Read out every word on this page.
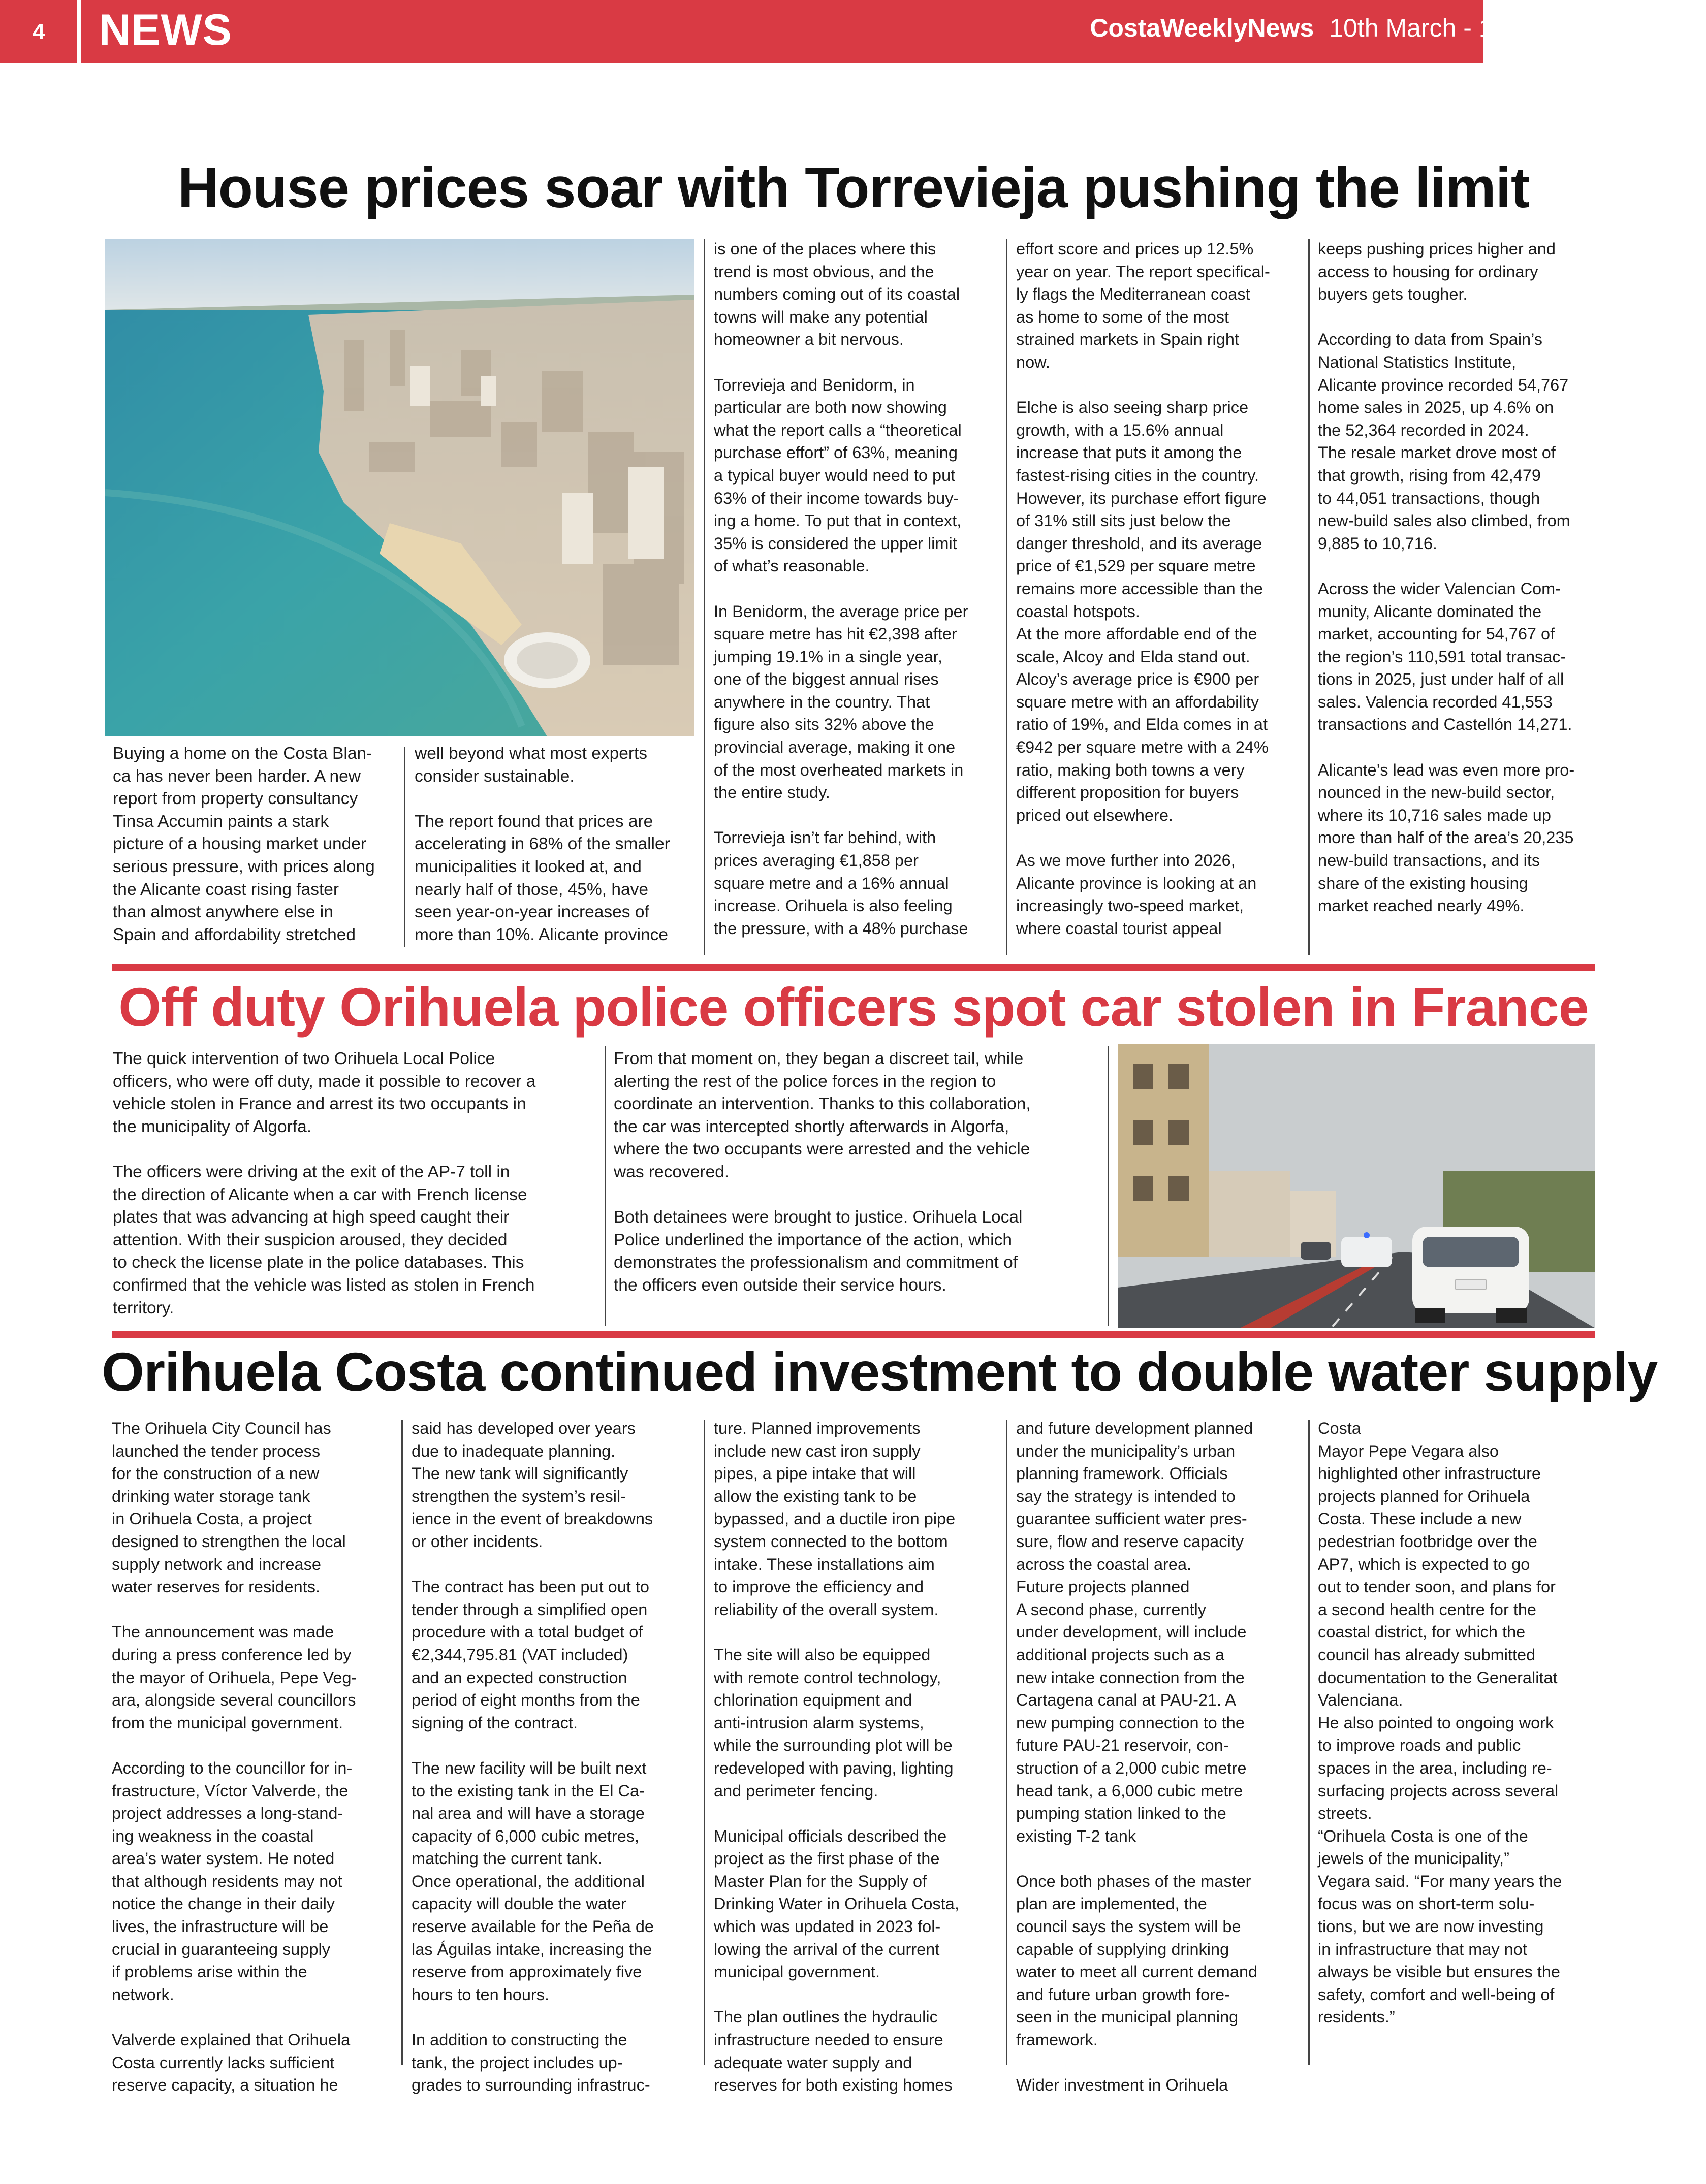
4	NEWS	CostaWeeklyNews 10th March - 16th March 2026
House prices soar with Torrevieja pushing the limit
Buying a home on the Costa Blan-
ca has never been harder. A new
report from property consultancy
Tinsa Accumin paints a stark
picture of a housing market under
serious pressure, with prices along
the Alicante coast rising faster
than almost anywhere else in
Spain and affordability stretched
well beyond what most experts
consider sustainable.

The report found that prices are
accelerating in 68% of the smaller
municipalities it looked at, and
nearly half of those, 45%, have
seen year-on-year increases of
more than 10%. Alicante province
is one of the places where this
trend is most obvious, and the
numbers coming out of its coastal
towns will make any potential
homeowner a bit nervous.

Torrevieja and Benidorm, in
particular are both now showing
what the report calls a “theoretical
purchase effort” of 63%, meaning
a typical buyer would need to put
63% of their income towards buy-
ing a home. To put that in context,
35% is considered the upper limit
of what’s reasonable.

In Benidorm, the average price per
square metre has hit €2,398 after
jumping 19.1% in a single year,
one of the biggest annual rises
anywhere in the country. That
figure also sits 32% above the
provincial average, making it one
of the most overheated markets in
the entire study.

Torrevieja isn’t far behind, with
prices averaging €1,858 per
square metre and a 16% annual
increase. Orihuela is also feeling
the pressure, with a 48% purchase
effort score and prices up 12.5%
year on year. The report specifical-
ly flags the Mediterranean coast
as home to some of the most
strained markets in Spain right
now.

Elche is also seeing sharp price
growth, with a 15.6% annual
increase that puts it among the
fastest-rising cities in the country.
However, its purchase effort figure
of 31% still sits just below the
danger threshold, and its average
price of €1,529 per square metre
remains more accessible than the
coastal hotspots.
At the more affordable end of the
scale, Alcoy and Elda stand out.
Alcoy’s average price is €900 per
square metre with an affordability
ratio of 19%, and Elda comes in at
€942 per square metre with a 24%
ratio, making both towns a very
different proposition for buyers
priced out elsewhere.

As we move further into 2026,
Alicante province is looking at an
increasingly two-speed market,
where coastal tourist appeal
keeps pushing prices higher and
access to housing for ordinary
buyers gets tougher.

According to data from Spain’s
National Statistics Institute,
Alicante province recorded 54,767
home sales in 2025, up 4.6% on
the 52,364 recorded in 2024.
The resale market drove most of
that growth, rising from 42,479
to 44,051 transactions, though
new-build sales also climbed, from
9,885 to 10,716.

Across the wider Valencian Com-
munity, Alicante dominated the
market, accounting for 54,767 of
the region’s 110,591 total transac-
tions in 2025, just under half of all
sales. Valencia recorded 41,553
transactions and Castellón 14,271.

Alicante’s lead was even more pro-
nounced in the new-build sector,
where its 10,716 sales made up
more than half of the area’s 20,235
new-build transactions, and its
share of the existing housing
market reached nearly 49%.
Off duty Orihuela police officers spot car stolen in France
The quick intervention of two Orihuela Local Police
officers, who were off duty, made it possible to recover a
vehicle stolen in France and arrest its two occupants in
the municipality of Algorfa.

The officers were driving at the exit of the AP-7 toll in
the direction of Alicante when a car with French license
plates that was advancing at high speed caught their
attention. With their suspicion aroused, they decided
to check the license plate in the police databases. This
confirmed that the vehicle was listed as stolen in French
territory.
From that moment on, they began a discreet tail, while
alerting the rest of the police forces in the region to
coordinate an intervention. Thanks to this collaboration,
the car was intercepted shortly afterwards in Algorfa,
where the two occupants were arrested and the vehicle
was recovered.

Both detainees were brought to justice. Orihuela Local
Police underlined the importance of the action, which
demonstrates the professionalism and commitment of
the officers even outside their service hours.
Orihuela Costa continued investment to double water supply
The Orihuela City Council has
launched the tender process
for the construction of a new
drinking water storage tank
in Orihuela Costa, a project
designed to strengthen the local
supply network and increase
water reserves for residents.

The announcement was made
during a press conference led by
the mayor of Orihuela, Pepe Veg-
ara, alongside several councillors
from the municipal government.

According to the councillor for in-
frastructure, Víctor Valverde, the
project addresses a long-stand-
ing weakness in the coastal
area’s water system. He noted
that although residents may not
notice the change in their daily
lives, the infrastructure will be
crucial in guaranteeing supply
if problems arise within the
network.

Valverde explained that Orihuela
Costa currently lacks sufficient
reserve capacity, a situation he
said has developed over years
due to inadequate planning.
The new tank will significantly
strengthen the system’s resil-
ience in the event of breakdowns
or other incidents.

The contract has been put out to
tender through a simplified open
procedure with a total budget of
€2,344,795.81 (VAT included)
and an expected construction
period of eight months from the
signing of the contract.

The new facility will be built next
to the existing tank in the El Ca-
nal area and will have a storage
capacity of 6,000 cubic metres,
matching the current tank.
Once operational, the additional
capacity will double the water
reserve available for the Peña de
las Águilas intake, increasing the
reserve from approximately five
hours to ten hours.

In addition to constructing the
tank, the project includes up-
grades to surrounding infrastruc-
ture. Planned improvements
include new cast iron supply
pipes, a pipe intake that will
allow the existing tank to be
bypassed, and a ductile iron pipe
system connected to the bottom
intake. These installations aim
to improve the efficiency and
reliability of the overall system.

The site will also be equipped
with remote control technology,
chlorination equipment and
anti-intrusion alarm systems,
while the surrounding plot will be
redeveloped with paving, lighting
and perimeter fencing.

Municipal officials described the
project as the first phase of the
Master Plan for the Supply of
Drinking Water in Orihuela Costa,
which was updated in 2023 fol-
lowing the arrival of the current
municipal government.

The plan outlines the hydraulic
infrastructure needed to ensure
adequate water supply and
reserves for both existing homes
and future development planned
under the municipality’s urban
planning framework. Officials
say the strategy is intended to
guarantee sufficient water pres-
sure, flow and reserve capacity
across the coastal area.
Future projects planned
A second phase, currently
under development, will include
additional projects such as a
new intake connection from the
Cartagena canal at PAU-21. A
new pumping connection to the
future PAU-21 reservoir, con-
struction of a 2,000 cubic metre
head tank, a 6,000 cubic metre
pumping station linked to the
existing T-2 tank

Once both phases of the master
plan are implemented, the
council says the system will be
capable of supplying drinking
water to meet all current demand
and future urban growth fore-
seen in the municipal planning
framework.

Wider investment in Orihuela
Costa
Mayor Pepe Vegara also
highlighted other infrastructure
projects planned for Orihuela
Costa. These include a new
pedestrian footbridge over the
AP7, which is expected to go
out to tender soon, and plans for
a second health centre for the
coastal district, for which the
council has already submitted
documentation to the Generalitat
Valenciana.
He also pointed to ongoing work
to improve roads and public
spaces in the area, including re-
surfacing projects across several
streets.
“Orihuela Costa is one of the
jewels of the municipality,”
Vegara said. “For many years the
focus was on short-term solu-
tions, but we are now investing
in infrastructure that may not
always be visible but ensures the
safety, comfort and well-being of
residents.”
